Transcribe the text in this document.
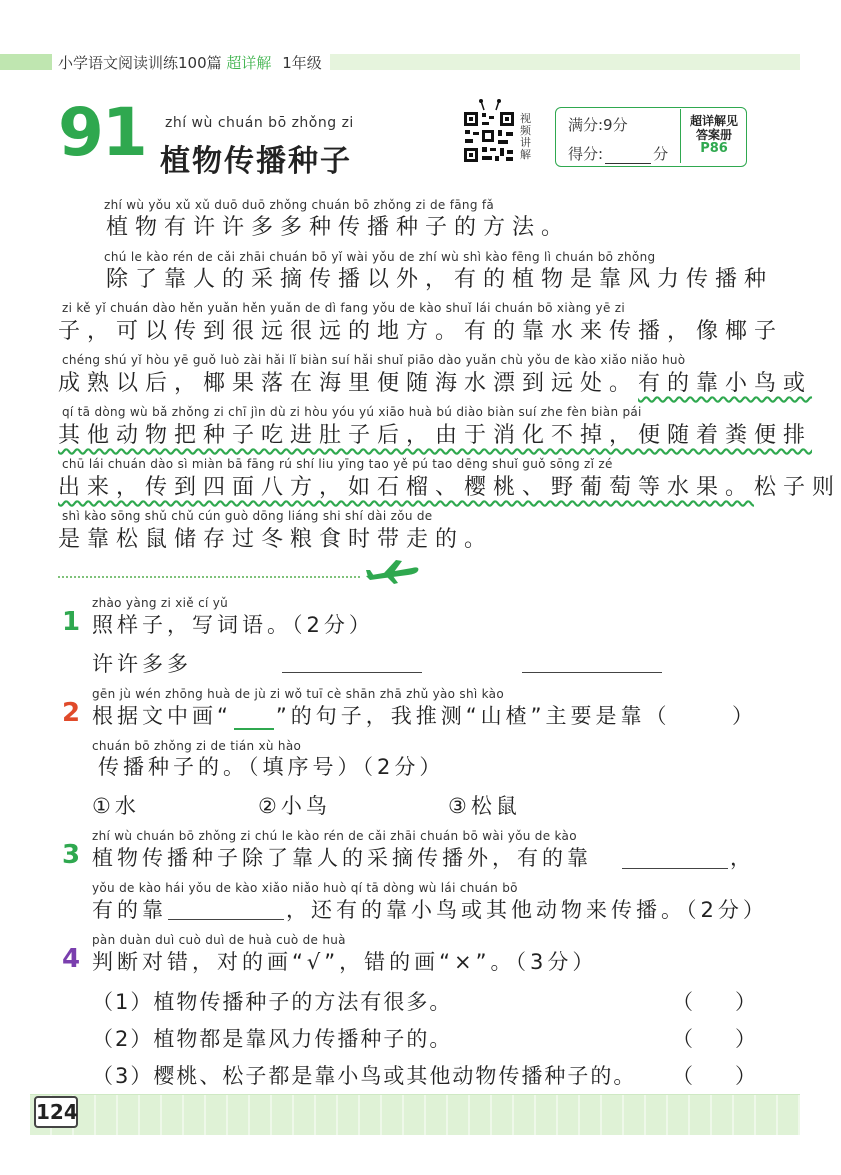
小学语文阅读训练100篇 超详解 1年级
91 zhí wù chuán bō zhǒng zi
植物传播种子
视频讲解
满分:9分
得分:	分
超详解见
答案册
P86
zhí wù yǒu xǔ xǔ duō duō zhǒng chuán bō zhǒng zi de fāng fǎ
植物有许许多多种传播种子的方法。
chú le kào rén de cǎi zhāi chuán bō yǐ wài yǒu de zhí wù shì kào fēng lì chuán bō zhǒng
除了靠人的采摘传播以外，有的植物是靠风力传播种
zi kě yǐ chuán dào hěn yuǎn hěn yuǎn de dì fang yǒu de kào shuǐ lái chuán bō xiàng yē zi
子，可以传到很远很远的地方。有的靠水来传播，像椰子
chéng shú yǐ hòu yē guǒ luò zài hǎi lǐ biàn suí hǎi shuǐ piāo dào yuǎn chù yǒu de kào xiǎo niǎo huò
成熟以后，椰果落在海里便随海水漂到远处。有的靠小鸟或
qí tā dòng wù bǎ zhǒng zi chī jìn dù zi hòu yóu yú xiāo huà bú diào biàn suí zhe fèn biàn pái
其他动物把种子吃进肚子后，由于消化不掉，便随着粪便排
chū lái chuán dào sì miàn bā fāng rú shí liu yīng tao yě pú tao dēng shuǐ guǒ sōng zǐ zé
出来，传到四面八方，如石榴、樱桃、野葡萄等水果。松子则
shì kào sōng shǔ chǔ cún guò dōng liáng shi shí dài zǒu de
是靠松鼠储存过冬粮食时带走的。
zhào yàng zi xiě cí yǔ
1 照样子，写词语。（2分）
许许多多
gēn jù wén zhōng huà de jù zi wǒ tuī cè shān zhā zhǔ yào shì kào
2 根据文中画“ ”的句子，我推测“山楂”主要是靠（	）
chuán bō zhǒng zi de tián xù hào
传播种子的。（填序号）（2分）
①水	②小鸟	③松鼠
zhí wù chuán bō zhǒng zi chú le kào rén de cǎi zhāi chuán bō wài yǒu de kào
3 植物传播种子除了靠人的采摘传播外，有的靠	，
yǒu de kào hái yǒu de kào xiǎo niǎo huò qí tā dòng wù lái chuán bō
有的靠	，还有的靠小鸟或其他动物来传播。（2分）
pàn duàn duì cuò duì de huà cuò de huà
4 判断对错，对的画“√”，错的画“×”。（3分）
（1）植物传播种子的方法有很多。	（　　）
（2）植物都是靠风力传播种子的。	（　　）
（3）樱桃、松子都是靠小鸟或其他动物传播种子的。 （　　）
124
